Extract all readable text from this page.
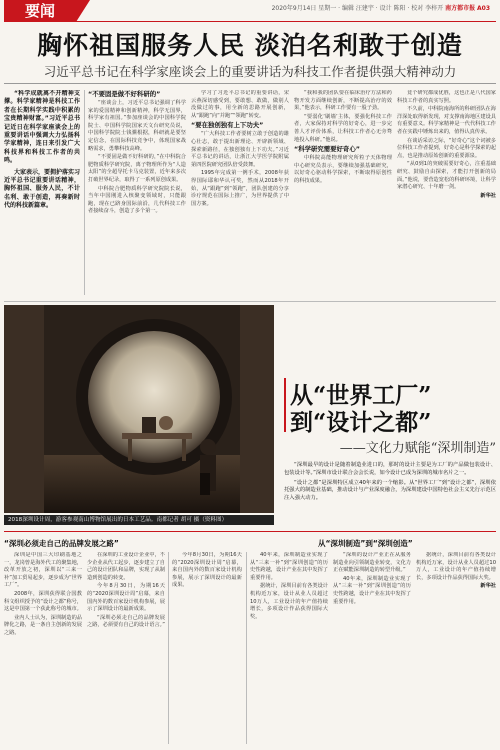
要闻	2020年9月14日 星期一 · 编辑 汪建宇 · 设计 陈阳 · 校对 李梓开 南方都市报 A03
胸怀祖国服务人民 淡泊名利敢于创造
习近平总书记在科学家座谈会上的重要讲话为科技工作者提供强大精神动力

“科学成就离不开精神支撑。科学家精神是科技工作者在长期科学实践中积累的宝贵精神财富。”习近平总书记近日在科学家座谈会上的重要讲话中强调大力弘扬科学家精神，连日来引发广大科技界和科技工作者的共鸣。

大家表示，要拥护落实习近平总书记重要讲话精神，胸怀祖国、服务人民，不计名利、敢于创造，再奏新时代的科技新篇章。

“不要固是做不好科研的”

“座谈会上，习近平总书记强调了科学家的爱国精神和创新精神，科学无国界，科学家有祖国。”参加座谈会的中国科学院院士、中国科学院国家天文台研究员说，中国科学院院士钱骥根据，科研就是要坚定信念，在国际科技竞争中，体现国家战略需求，勇攀科技高峰。

“不要固是做不好科研的，”在中科院合肥物质科学研究院，离子物理所作为“人造太阳”的全超导托卡马克装置，近年来多次打破世界纪录，取得了一系列原创成果。

中科院合肥物质科学研究院院长说，当年中国刚进入核聚变领域时，只能跟跑，现在已跻身国际前沿，几代科技工作者接续奋斗，创造了多个第一。

学习了习近平总书记的重要讲话，宋云燕深切感受到，要敢想、敢做，做别人没做过的事，用全新的思路开展创新，从“跟跑”向“并跑”“领跑”转变。

“要在独创独有上下功夫”

“广大科技工作者要树立敢于创造的雄心壮志，敢于提出新理论、开辟新领域、探索新路径，在独创独有上下功夫。”习近平总书记的讲话，让浙江大学医学院附属第四医院研究团队倍受鼓舞。

1995年完成第一例手术，2008年获得国际耶和华认可奖，然而从2018年开始，从“跟跑”到“领跑”，团队创建的分享诊疗规范在国际上推广，为世界提供了中国方案。

“我和我的团队要在临床治疗方法和药物开发方面继续创新，不断提高治疗的效果，”他表示，科研工作要有一股子劲。

“要弱化‘刷墙’主体，要强化科技工作者，大家保持对科学的好奇心，进一步完善人才评价体系，让科技工作者心无旁骛地投入科研。”他说。

“科学研究需要好奇心”

中科院高能物理研究所粒子天体物理中心研究员表示，要继续加强基础研究，以好奇心驱动科学探索，不断取得原创性的科技成果。

竟个研究都成优胜，这也正是八代国家科技工作者的真实写照。

不久前，中科院南海所的科研团队在海洋深处取得新发现，对支撑南海地区建设具有重要意义。科学家精神是一代代科技工作者在实践中锤炼出来的，值得认真传承。

在谈话采访之际，“好奇心”这个词被多位科技工作者提到，好奇心是科学探索的起点，也是推动原始创新的重要源泉。

“从0到1的突破需要好奇心，注重基础研究、鼓励自由探索，才能打开创新的局面。”他说，要营造宽松的科研环境，让科学家潜心研究、十年磨一剑。

新华社

2018深圳设计周，游客参观南山博物馆展出的日本工艺品。南都记者 胡可 摄（资料图）
从“世界工厂”
到“设计之都”
——文化力赋能“深圳制造”

“深圳最早的设计是随着制造业进口的，那时的设计主要是为工厂的产品做包装设计、包装设计等。”深圳市设计联合会会长说，如今设计已成为深圳的城市名片之一。

“设计之都”是深圳特区成立40年来的一个缩影。从“世界工厂”到“设计之都”，深圳依托强大的制造业基础，推动设计与产业深度融合，为深圳建设中国特色社会主义先行示范区注入强大动力。

“深圳必须走自己的品牌发展之路”	从“深圳制造”到“深圳创造”

深圳是中国三大印刷基地之一，龙岗曾是海外代工的聚集地，改革开放之初，深圳以“三来一补”加工贸易起步，逐步成为“世界工厂”。

2008年，深圳获得联合国教科文组织授予的“设计之都”称号，这是中国第一个获此称号的城市。

业内人士认为，深圳制造的品牌化之路，是一条自主创新的发展之路。

在深圳的工业设计企业中，不少企业从代工起步，逐步建立了自己的设计团队和品牌，实现了从制造到创造的转变。

今年8月30日，为期16天的“2020深圳设计周”启幕，来自国内外的数百家设计机构参展，展示了深圳设计的最新成果。

“深圳必须走自己的品牌发展之路，必须要有自己的设计语言。”

今年8月30日，为期16天的“2020深圳设计周”启幕，来自国内外的数百家设计机构参展，展示了深圳设计的最新成果。

40年来，深圳制造业实现了从“三来一补”到“深圳创造”的历史性跨越，设计产业在其中发挥了重要作用。

据统计，深圳目前有各类设计机构近万家，设计从业人员超过10万人，工业设计的年产值持续增长，多项设计作品获得国际大奖。

“深圳的设计产业正在从服务制造业向引领制造业转变，文化力正在赋能深圳制造的转型升级。”

40年来，深圳制造业实现了从“三来一补”到“深圳创造”的历史性跨越，设计产业在其中发挥了重要作用。

据统计，深圳目前有各类设计机构近万家，设计从业人员超过10万人，工业设计的年产值持续增长，多项设计作品获得国际大奖。

新华社
